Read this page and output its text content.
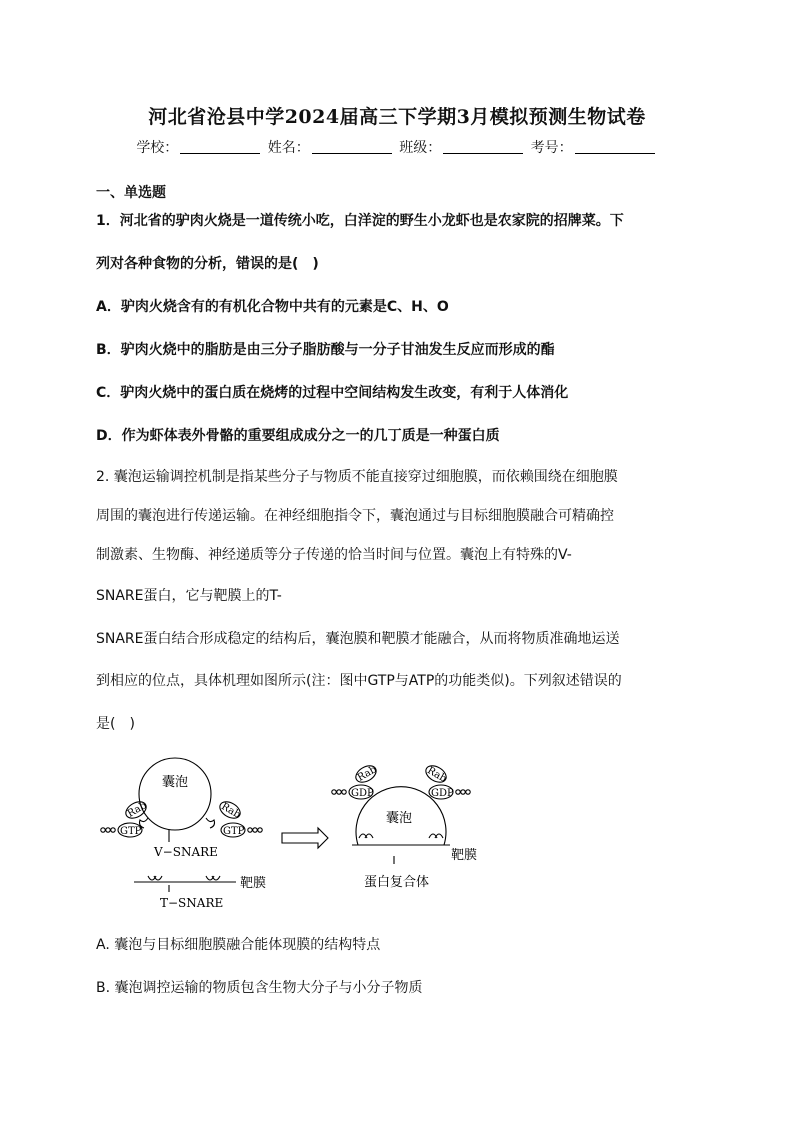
河北省沧县中学2024届高三下学期3月模拟预测生物试卷
学校：	姓名：	班级：	考号：
一、单选题
1．河北省的驴肉火烧是一道传统小吃，白洋淀的野生小龙虾也是农家院的招牌菜。下
列对各种食物的分析，错误的是(　)
A．驴肉火烧含有的有机化合物中共有的元素是C、H、O
B．驴肉火烧中的脂肪是由三分子脂肪酸与一分子甘油发生反应而形成的酯
C．驴肉火烧中的蛋白质在烧烤的过程中空间结构发生改变，有利于人体消化
D．作为虾体表外骨骼的重要组成成分之一的几丁质是一种蛋白质
2. 囊泡运输调控机制是指某些分子与物质不能直接穿过细胞膜，而依赖围绕在细胞膜
周围的囊泡进行传递运输。在神经细胞指令下，囊泡通过与目标细胞膜融合可精确控
制激素、生物酶、神经递质等分子传递的恰当时间与位置。囊泡上有特殊的V-
SNARE蛋白，它与靶膜上的T-
SNARE蛋白结合形成稳定的结构后，囊泡膜和靶膜才能融合，从而将物质准确地运送
到相应的位点，具体机理如图所示(注：图中GTP与ATP的功能类似)。下列叙述错误的
是(　)
囊泡
囊泡
靶膜
靶膜	蛋白复合体
Rab
GTP
Rab
GTP
Rab
GDP
Rab
GDP
V−SNARE
T−SNARE
A. 囊泡与目标细胞膜融合能体现膜的结构特点
B. 囊泡调控运输的物质包含生物大分子与小分子物质
